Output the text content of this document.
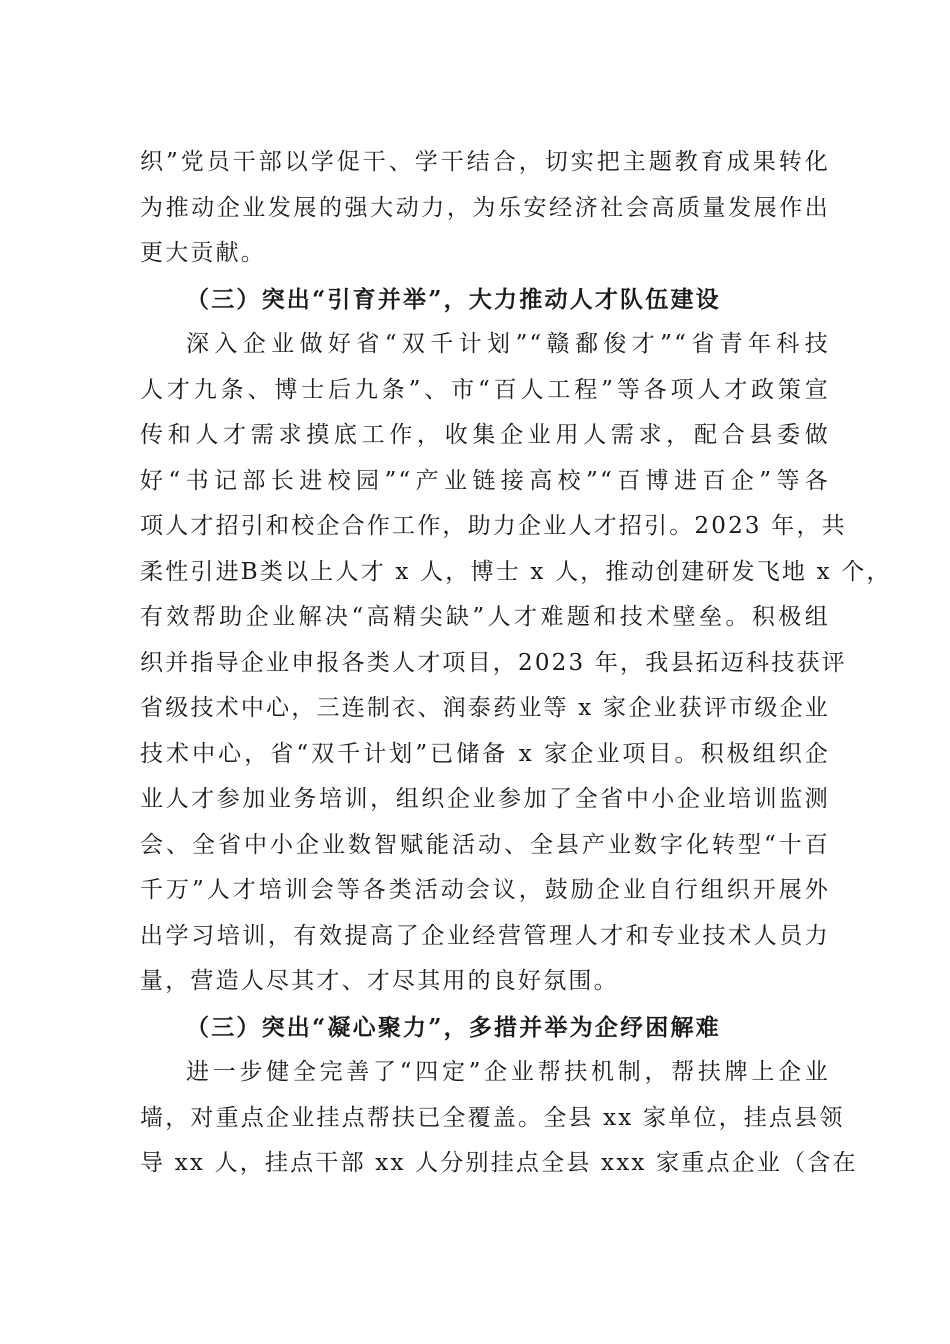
织”党员干部以学促干、学干结合，切实把主题教育成果转化
为推动企业发展的强大动力，为乐安经济社会高质量发展作出
更大贡献。
（三）突出“引育并举”，大力推动人才队伍建设
深入企业做好省“双千计划”“赣鄱俊才”“省青年科技
人才九条、博士后九条”、市“百人工程”等各项人才政策宣
传和人才需求摸底工作，收集企业用人需求，配合县委做
好“书记部长进校园”“产业链接高校”“百博进百企”等各
项人才招引和校企合作工作，助力企业人才招引。2023 年，共
柔性引进B类以上人才 x 人，博士 x 人，推动创建研发飞地 x 个，
有效帮助企业解决“高精尖缺”人才难题和技术壁垒。积极组
织并指导企业申报各类人才项目，2023 年，我县拓迈科技获评
省级技术中心，三连制衣、润泰药业等 x 家企业获评市级企业
技术中心，省“双千计划”已储备 x 家企业项目。积极组织企
业人才参加业务培训，组织企业参加了全省中小企业培训监测
会、全省中小企业数智赋能活动、全县产业数字化转型“十百
千万”人才培训会等各类活动会议，鼓励企业自行组织开展外
出学习培训，有效提高了企业经营管理人才和专业技术人员力
量，营造人尽其才、才尽其用的良好氛围。
（三）突出“凝心聚力”，多措并举为企纾困解难
进一步健全完善了“四定”企业帮扶机制，帮扶牌上企业
墙，对重点企业挂点帮扶已全覆盖。全县 xx 家单位，挂点县领
导 xx 人，挂点干部 xx 人分别挂点全县 xxx 家重点企业（含在
